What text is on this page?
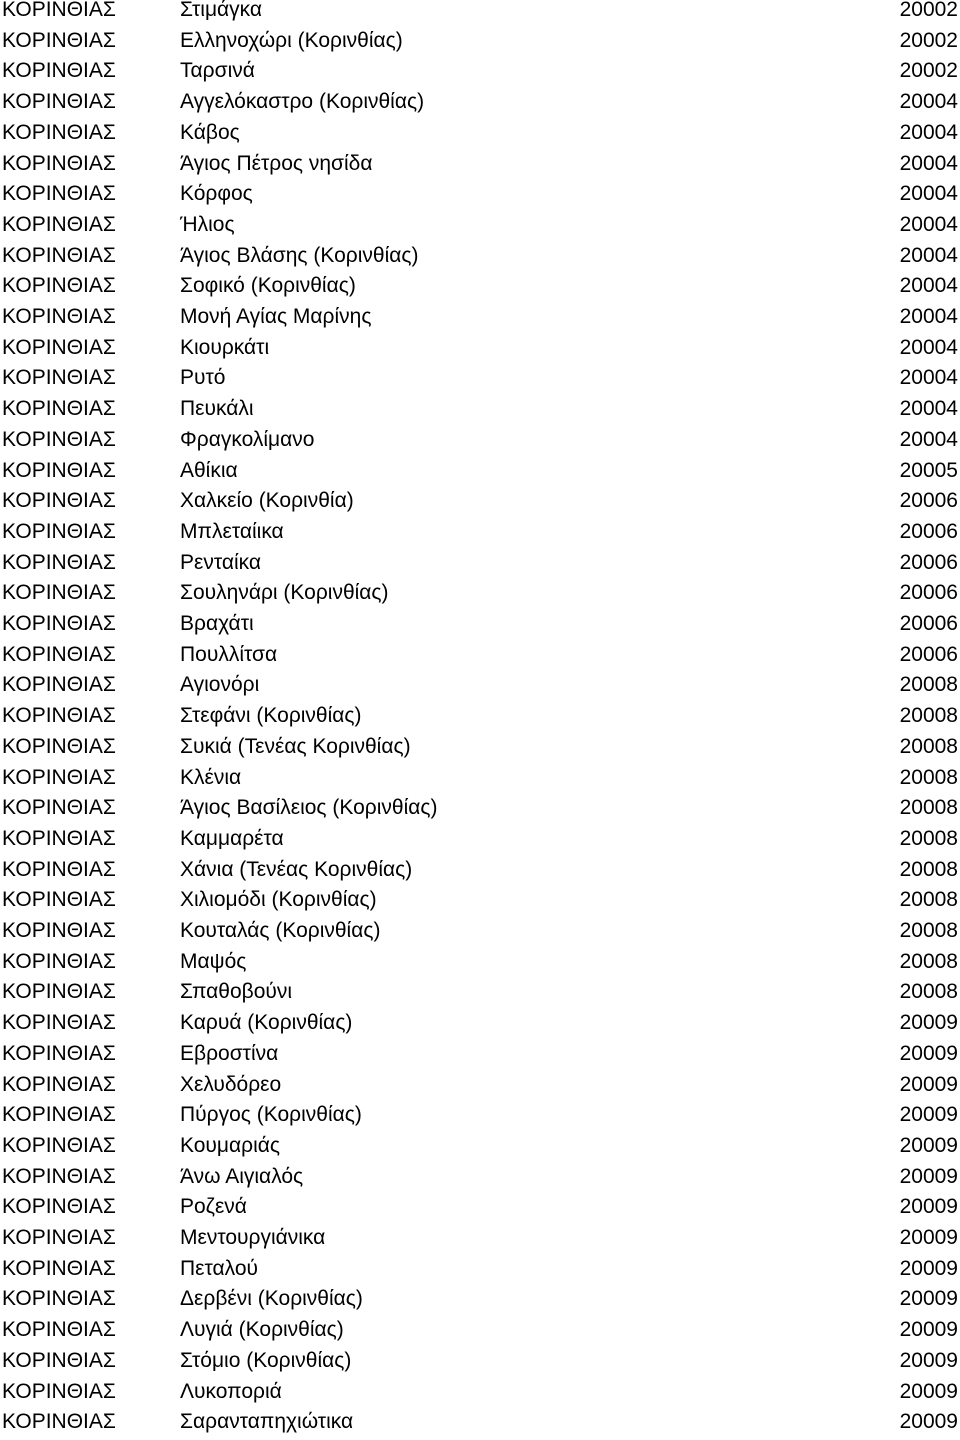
ΚΟΡΙΝΘΙΑΣ	Στιμάγκα	20002
ΚΟΡΙΝΘΙΑΣ	Ελληνοχώρι (Κορινθίας)	20002
ΚΟΡΙΝΘΙΑΣ	Ταρσινά	20002
ΚΟΡΙΝΘΙΑΣ	Αγγελόκαστρο (Κορινθίας)	20004
ΚΟΡΙΝΘΙΑΣ	Κάβος	20004
ΚΟΡΙΝΘΙΑΣ	Άγιος Πέτρος νησίδα	20004
ΚΟΡΙΝΘΙΑΣ	Κόρφος	20004
ΚΟΡΙΝΘΙΑΣ	Ήλιος	20004
ΚΟΡΙΝΘΙΑΣ	Άγιος Βλάσης (Κορινθίας)	20004
ΚΟΡΙΝΘΙΑΣ	Σοφικό (Κορινθίας)	20004
ΚΟΡΙΝΘΙΑΣ	Μονή Αγίας Μαρίνης	20004
ΚΟΡΙΝΘΙΑΣ	Κιουρκάτι	20004
ΚΟΡΙΝΘΙΑΣ	Ρυτό	20004
ΚΟΡΙΝΘΙΑΣ	Πευκάλι	20004
ΚΟΡΙΝΘΙΑΣ	Φραγκολίμανο	20004
ΚΟΡΙΝΘΙΑΣ	Αθίκια	20005
ΚΟΡΙΝΘΙΑΣ	Χαλκείο (Κορινθία)	20006
ΚΟΡΙΝΘΙΑΣ	Μπλεταίικα	20006
ΚΟΡΙΝΘΙΑΣ	Ρενταίκα	20006
ΚΟΡΙΝΘΙΑΣ	Σουληνάρι (Κορινθίας)	20006
ΚΟΡΙΝΘΙΑΣ	Βραχάτι	20006
ΚΟΡΙΝΘΙΑΣ	Πουλλίτσα	20006
ΚΟΡΙΝΘΙΑΣ	Αγιονόρι	20008
ΚΟΡΙΝΘΙΑΣ	Στεφάνι (Κορινθίας)	20008
ΚΟΡΙΝΘΙΑΣ	Συκιά (Τενέας Κορινθίας)	20008
ΚΟΡΙΝΘΙΑΣ	Κλένια	20008
ΚΟΡΙΝΘΙΑΣ	Άγιος Βασίλειος (Κορινθίας)	20008
ΚΟΡΙΝΘΙΑΣ	Καμμαρέτα	20008
ΚΟΡΙΝΘΙΑΣ	Χάνια (Τενέας Κορινθίας)	20008
ΚΟΡΙΝΘΙΑΣ	Χιλιομόδι (Κορινθίας)	20008
ΚΟΡΙΝΘΙΑΣ	Κουταλάς (Κορινθίας)	20008
ΚΟΡΙΝΘΙΑΣ	Μαψός	20008
ΚΟΡΙΝΘΙΑΣ	Σπαθοβούνι	20008
ΚΟΡΙΝΘΙΑΣ	Καρυά (Κορινθίας)	20009
ΚΟΡΙΝΘΙΑΣ	Εβροστίνα	20009
ΚΟΡΙΝΘΙΑΣ	Χελυδόρεο	20009
ΚΟΡΙΝΘΙΑΣ	Πύργος (Κορινθίας)	20009
ΚΟΡΙΝΘΙΑΣ	Κουμαριάς	20009
ΚΟΡΙΝΘΙΑΣ	Άνω Αιγιαλός	20009
ΚΟΡΙΝΘΙΑΣ	Ροζενά	20009
ΚΟΡΙΝΘΙΑΣ	Μεντουργιάνικα	20009
ΚΟΡΙΝΘΙΑΣ	Πεταλού	20009
ΚΟΡΙΝΘΙΑΣ	Δερβένι (Κορινθίας)	20009
ΚΟΡΙΝΘΙΑΣ	Λυγιά (Κορινθίας)	20009
ΚΟΡΙΝΘΙΑΣ	Στόμιο (Κορινθίας)	20009
ΚΟΡΙΝΘΙΑΣ	Λυκοποριά	20009
ΚΟΡΙΝΘΙΑΣ	Σαρανταπηχιώτικα	20009
